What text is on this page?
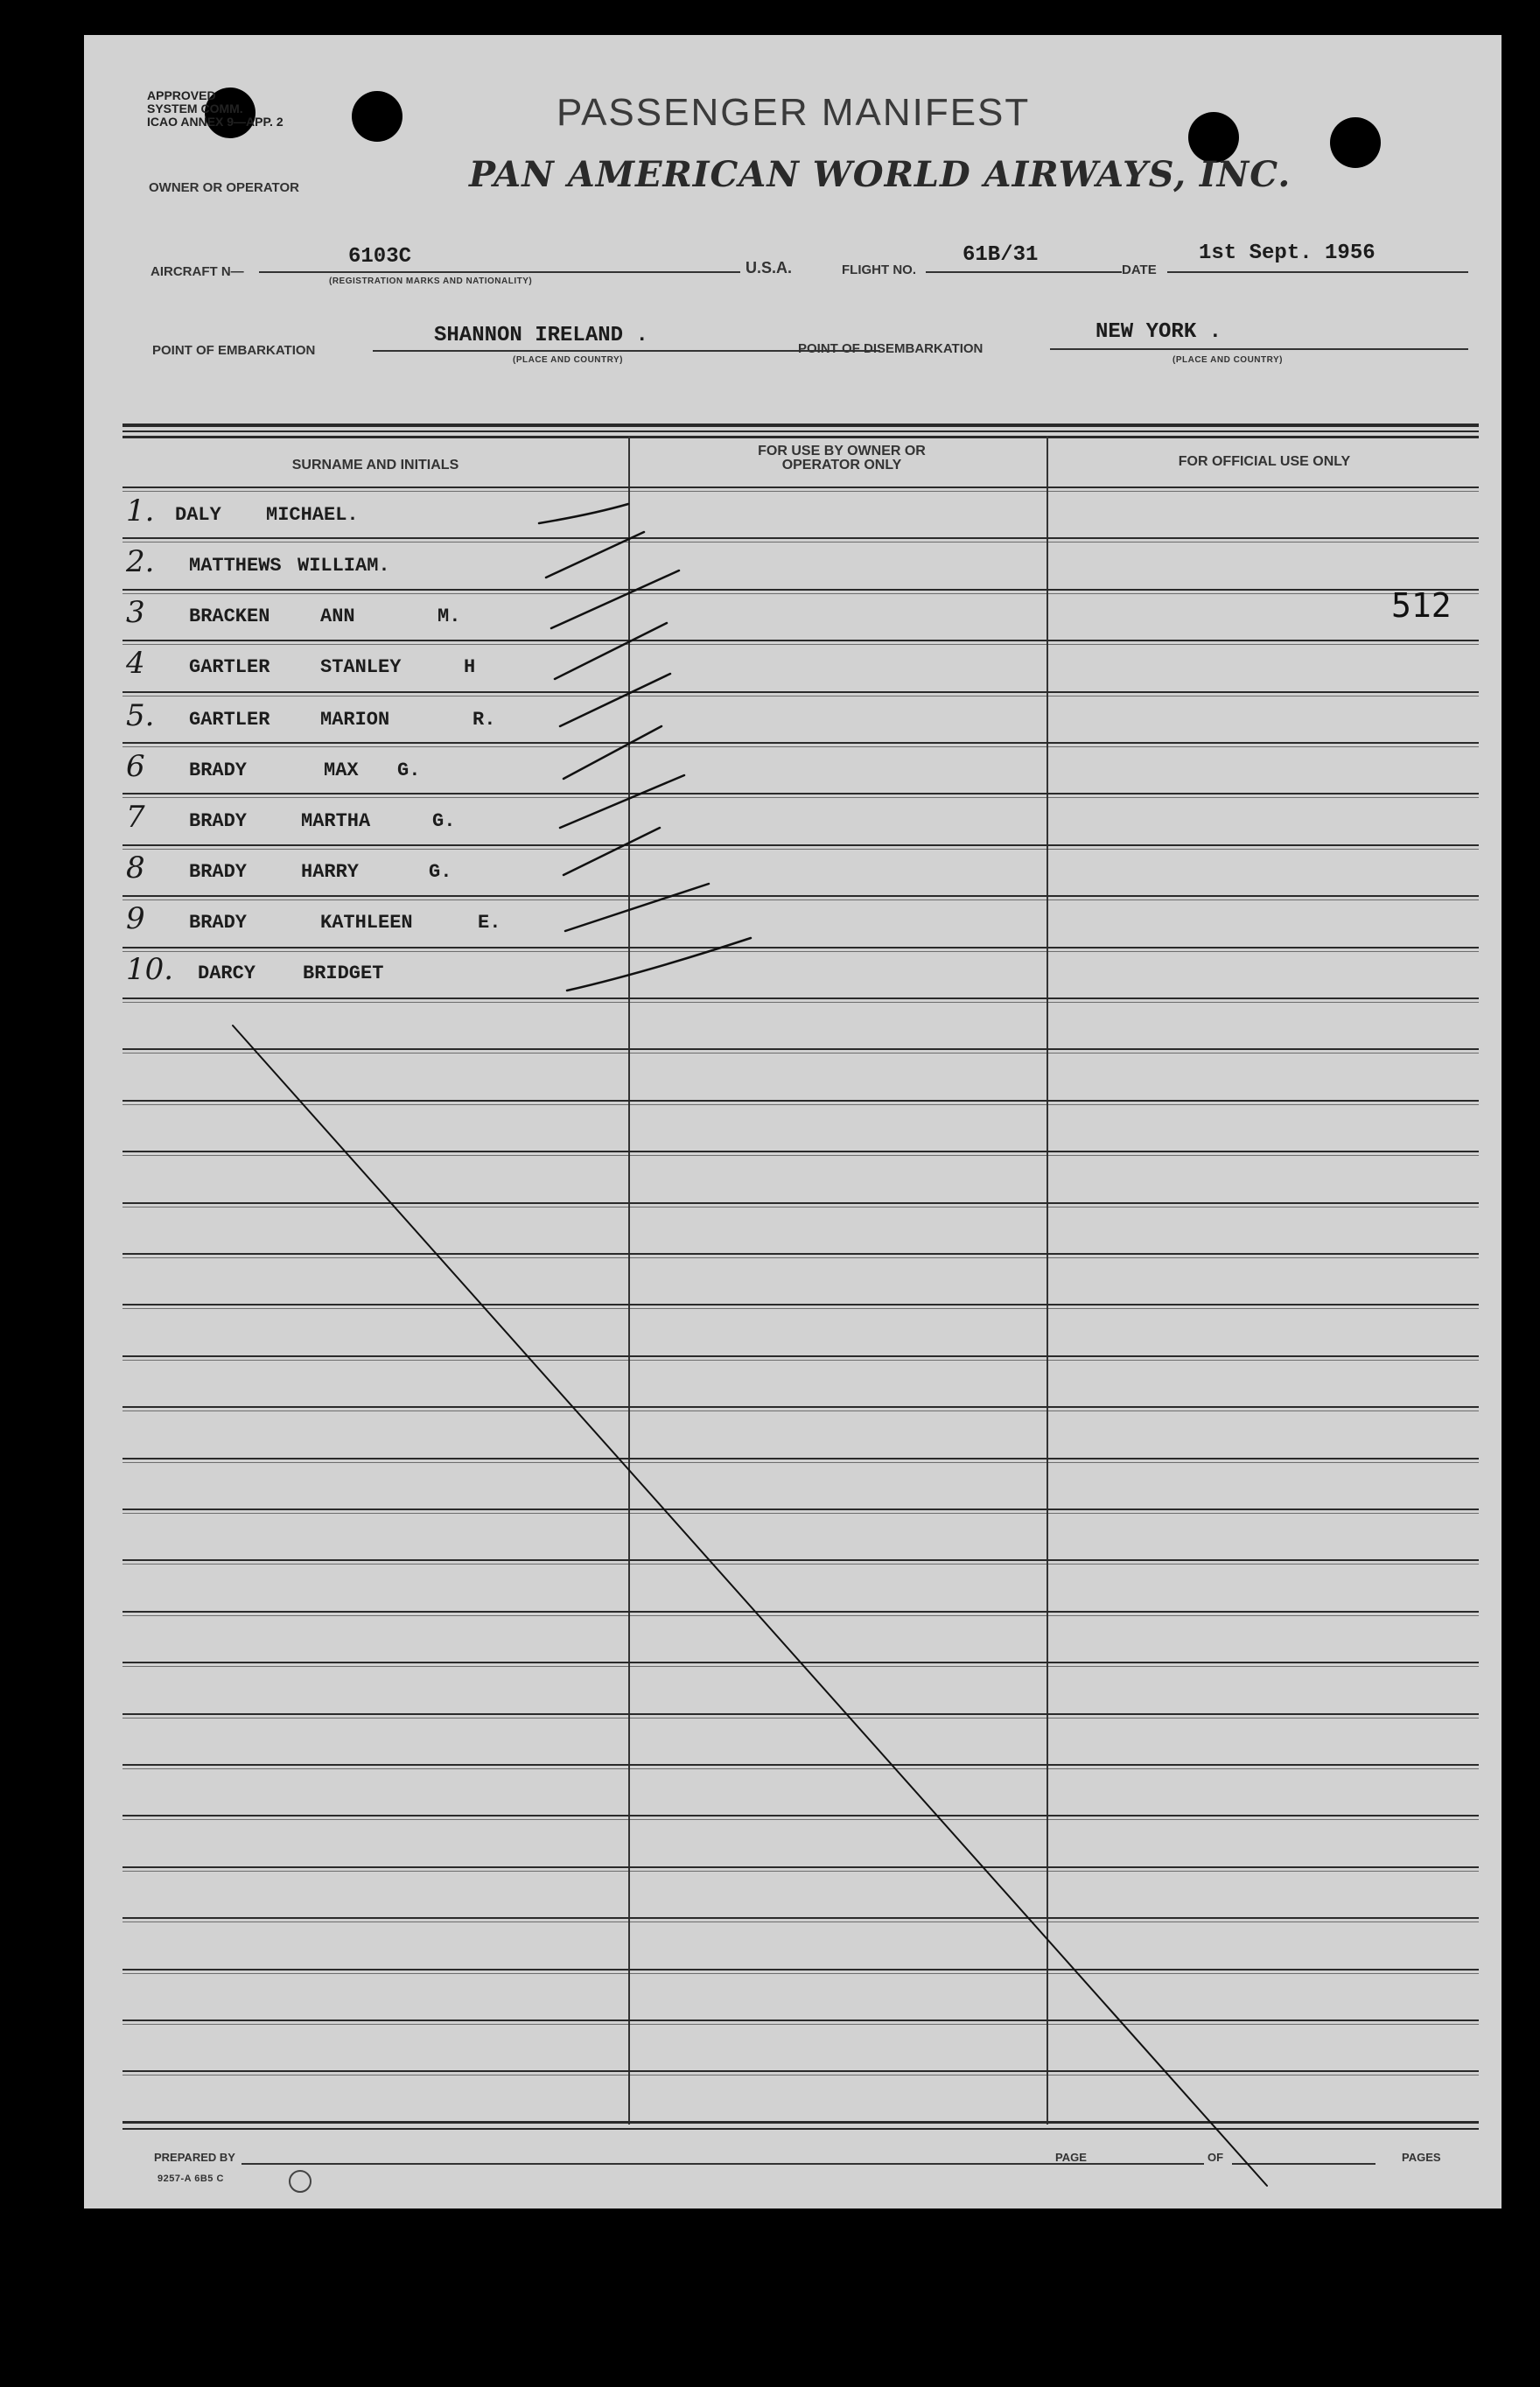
APPROVED
SYSTEM COMM.
ICAO ANNEX 9—APP. 2	PASSENGER MANIFEST
OWNER OR OPERATOR	PAN AMERICAN WORLD AIRWAYS, INC.
AIRCRAFT N—
6103C
(REGISTRATION MARKS AND NATIONALITY)
U.S.A.	FLIGHT NO.
61B/31
DATE
1st Sept. 1956
POINT OF EMBARKATION
SHANNON IRELAND .
(PLACE AND COUNTRY)
POINT OF DISEMBARKATION
NEW YORK .
(PLACE AND COUNTRY)
SURNAME AND INITIALS
FOR USE BY OWNER OR OPERATOR ONLY	FOR OFFICIAL USE ONLY
1. DALY MICHAEL.
2. MATTHEWS WILLIAM.
3 BRACKEN	ANN	M.
4 GARTLER	STANLEY	H
5. GARTLER	MARION	R.
6 BRADY	MAX G.
7 BRADY	MARTHA	G.
8 BRADY	HARRY	G.
9 BRADY	KATHLEEN	E.
10. DARCY BRIDGET
512
PREPARED BY	PAGE	OF	PAGES
9257-A 6B5 C
